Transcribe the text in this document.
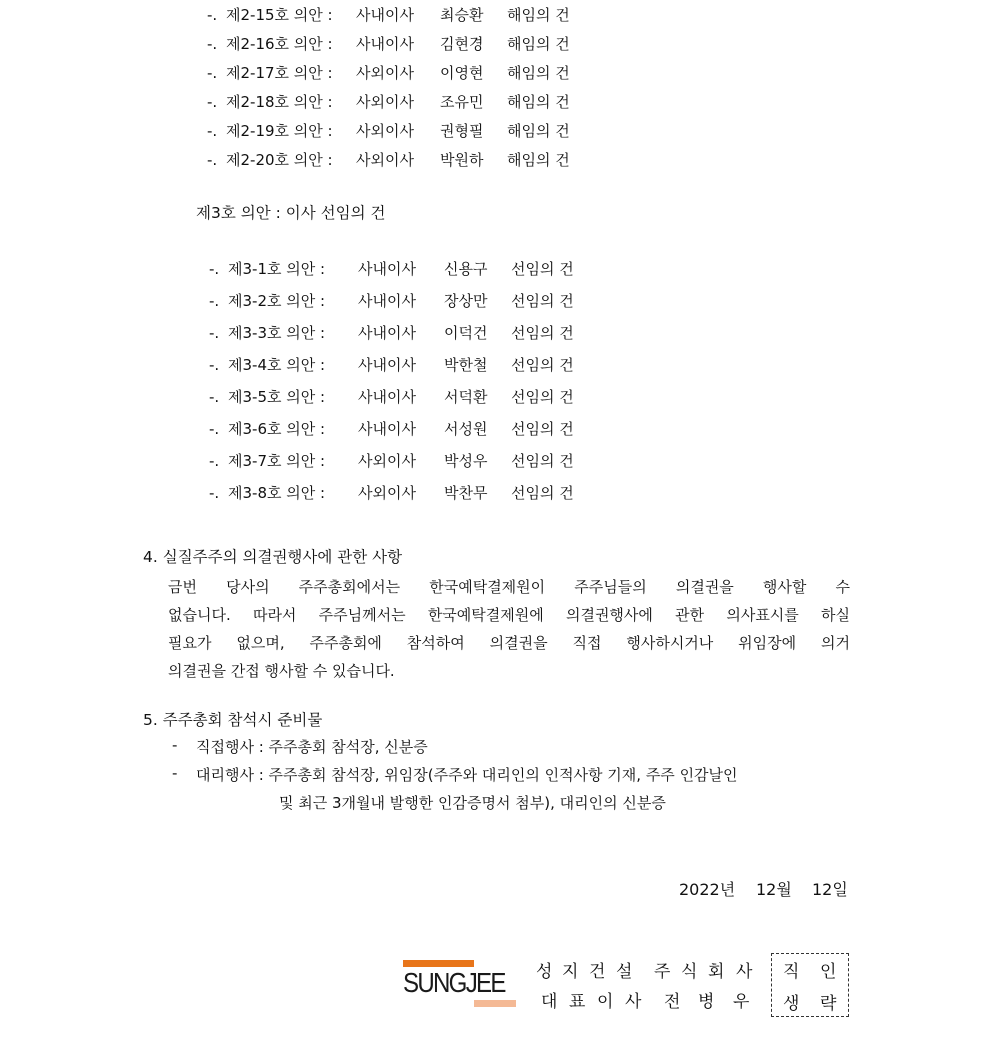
-. 제2-15호 의안 : 사내이사 최승환 해임의 건
-. 제2-16호 의안 : 사내이사 김현경 해임의 건
-. 제2-17호 의안 : 사외이사 이영현 해임의 건
-. 제2-18호 의안 : 사외이사 조유민 해임의 건
-. 제2-19호 의안 : 사외이사 권형필 해임의 건
-. 제2-20호 의안 : 사외이사 박원하 해임의 건
제3호 의안 : 이사 선임의 건
-. 제3-1호 의안 : 사내이사 신용구 선임의 건
-. 제3-2호 의안 : 사내이사 장상만 선임의 건
-. 제3-3호 의안 : 사내이사 이덕건 선임의 건
-. 제3-4호 의안 : 사내이사 박한철 선임의 건
-. 제3-5호 의안 : 사내이사 서덕환 선임의 건
-. 제3-6호 의안 : 사내이사 서성원 선임의 건
-. 제3-7호 의안 : 사외이사 박성우 선임의 건
-. 제3-8호 의안 : 사외이사 박찬무 선임의 건
4. 실질주주의 의결권행사에 관한 사항
금번 당사의 주주총회에서는 한국예탁결제원이 주주님들의 의결권을 행사할 수
없습니다. 따라서 주주님께서는 한국예탁결제원에 의결권행사에 관한 의사표시를 하실
필요가 없으며, 주주총회에 참석하여 의결권을 직접 행사하시거나 위임장에 의거
의결권을 간접 행사할 수 있습니다.
5. 주주총회 참석시 준비물
- 직접행사 : 주주총회 참석장, 신분증
- 대리행사 : 주주총회 참석장, 위임장(주주와 대리인의 인적사항 기재, 주주 인감날인
및 최근 3개월내 발행한 인감증명서 첨부), 대리인의 신분증
2022년 12월 12일
SUNGJEE 성 지 건 설 주 식 회 사
대 표 이 사 전 병 우
직 인
생 략
